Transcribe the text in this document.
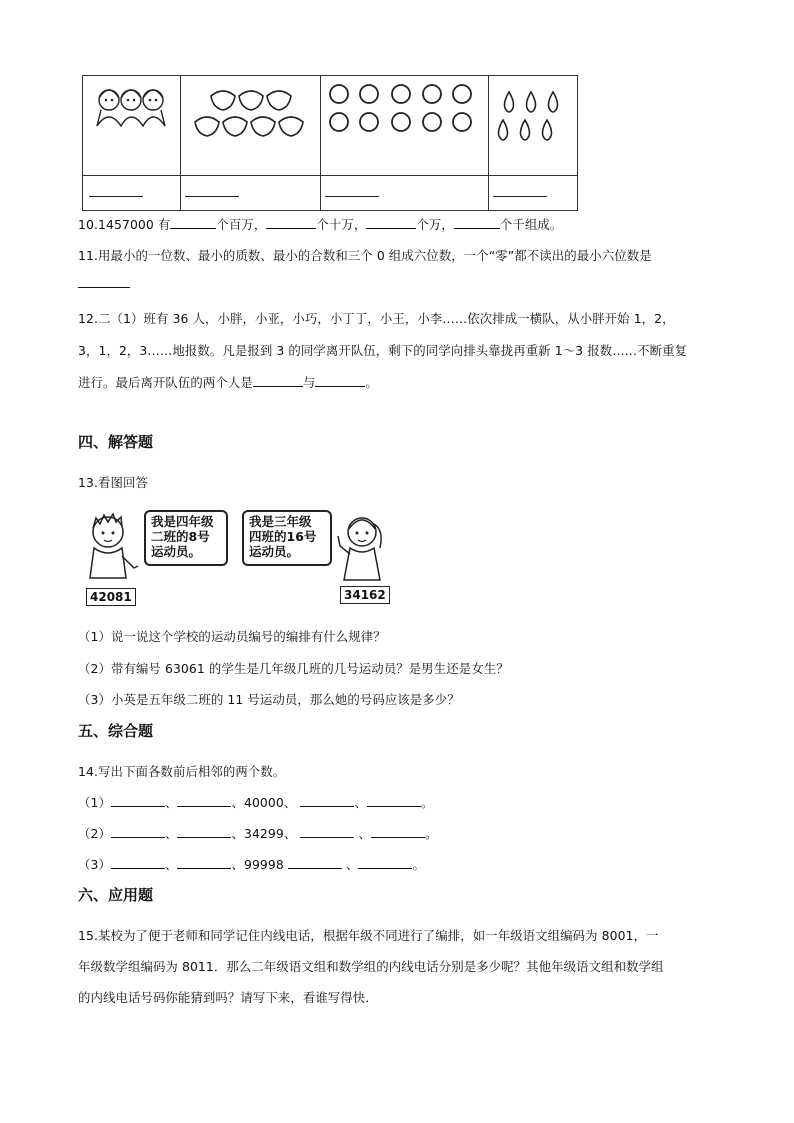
10.1457000 有	个百万，	个十万，	个万，	个千组成。
11.用最小的一位数、最小的质数、最小的合数和三个 0 组成六位数，一个“零”都不读出的最小六位数是
12.二（1）班有 36 人，小胖，小亚，小巧，小丁丁，小王，小李……依次排成一横队，从小胖开始 1，2，
3，1，2，3……地报数。凡是报到 3 的同学离开队伍，剩下的同学向排头靠拢再重新 1～3 报数……不断重复
进行。最后离开队伍的两个人是	与	。
四、解答题
13.看图回答
我是四年级
二班的8号
运动员。
我是三年级
四班的16号
运动员。
42081	34162
（1）说一说这个学校的运动员编号的编排有什么规律？
（2）带有编号 63061 的学生是几年级几班的几号运动员？是男生还是女生？
（3）小英是五年级二班的 11 号运动员，那么她的号码应该是多少？
五、综合题
14.写出下面各数前后相邻的两个数。
（1）	、	、40000、	、	。
（2）	、	、34299、	、	。
（3）	、	、99998	、	。
六、应用题
15.某校为了便于老师和同学记住内线电话，根据年级不同进行了编排，如一年级语文组编码为 8001，一
年级数学组编码为 8011．那么二年级语文组和数学组的内线电话分别是多少呢？其他年级语文组和数学组
的内线电话号码你能猜到吗？请写下来，看谁写得快．
